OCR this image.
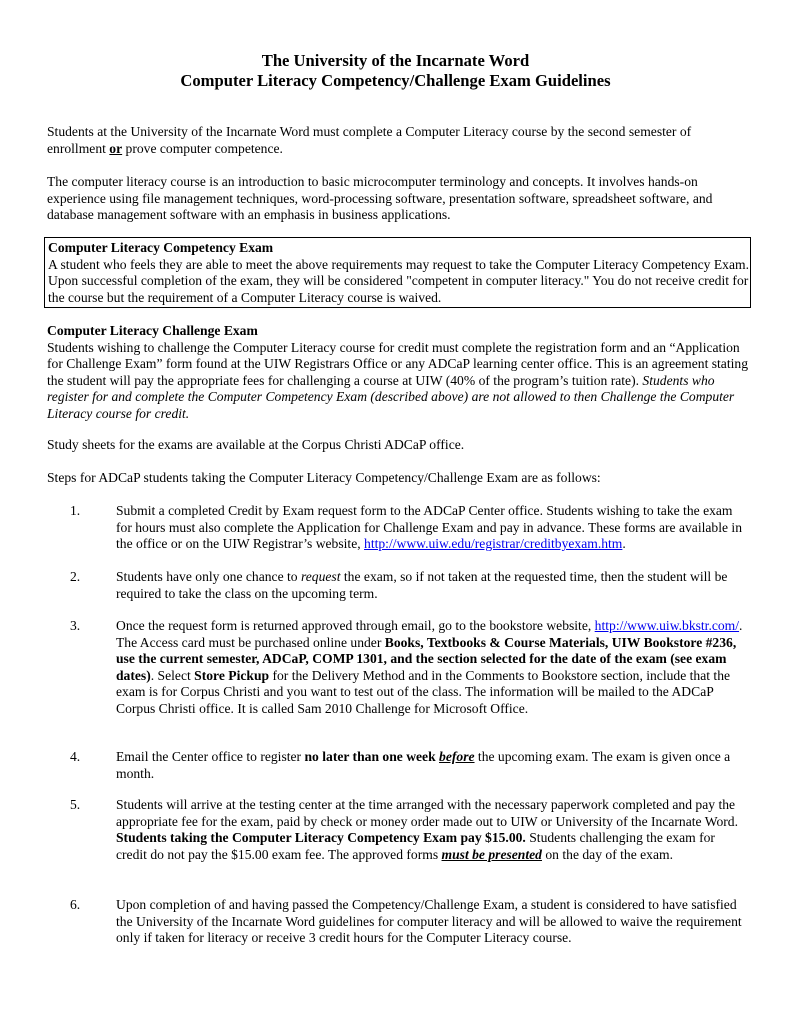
The University of the Incarnate Word
Computer Literacy Competency/Challenge Exam Guidelines

Students at the University of the Incarnate Word must complete a Computer Literacy course by the second semester of enrollment or prove computer competence.

The computer literacy course is an introduction to basic microcomputer terminology and concepts. It involves hands-on experience using file management techniques, word-processing software, presentation software, spreadsheet software, and database management software with an emphasis in business applications.

Computer Literacy Competency Exam
A student who feels they are able to meet the above requirements may request to take the Computer Literacy Competency Exam. Upon successful completion of the exam, they will be considered "competent in computer literacy." You do not receive credit for the course but the requirement of a Computer Literacy course is waived.
Computer Literacy Challenge Exam
Students wishing to challenge the Computer Literacy course for credit must complete the registration form and an “Application for Challenge Exam” form found at the UIW Registrars Office or any ADCaP learning center office. This is an agreement stating the student will pay the appropriate fees for challenging a course at UIW (40% of the program’s tuition rate). Students who register for and complete the Computer Competency Exam (described above) are not allowed to then Challenge the Computer Literacy course for credit.

Study sheets for the exams are available at the Corpus Christi ADCaP office.

Steps for ADCaP students taking the Computer Literacy Competency/Challenge Exam are as follows:

1.	Submit a completed Credit by Exam request form to the ADCaP Center office. Students wishing to take the exam for hours must also complete the Application for Challenge Exam and pay in advance. These forms are available in the office or on the UIW Registrar’s website, http://www.uiw.edu/registrar/creditbyexam.htm.

2.	Students have only one chance to request the exam, so if not taken at the requested time, then the student will be required to take the class on the upcoming term.

3.	Once the request form is returned approved through email, go to the bookstore website, http://www.uiw.bkstr.com/. The Access card must be purchased online under Books, Textbooks & Course Materials, UIW Bookstore #236, use the current semester, ADCaP, COMP 1301, and the section selected for the date of the exam (see exam dates). Select Store Pickup for the Delivery Method and in the Comments to Bookstore section, include that the exam is for Corpus Christi and you want to test out of the class. The information will be mailed to the ADCaP Corpus Christi office. It is called Sam 2010 Challenge for Microsoft Office.

4.	Email the Center office to register no later than one week before the upcoming exam. The exam is given once a month.

5.	Students will arrive at the testing center at the time arranged with the necessary paperwork completed and pay the appropriate fee for the exam, paid by check or money order made out to UIW or University of the Incarnate Word. Students taking the Computer Literacy Competency Exam pay $15.00. Students challenging the exam for credit do not pay the $15.00 exam fee. The approved forms must be presented on the day of the exam.

6.	Upon completion of and having passed the Competency/Challenge Exam, a student is considered to have satisfied the University of the Incarnate Word guidelines for computer literacy and will be allowed to waive the requirement only if taken for literacy or receive 3 credit hours for the Computer Literacy course.
